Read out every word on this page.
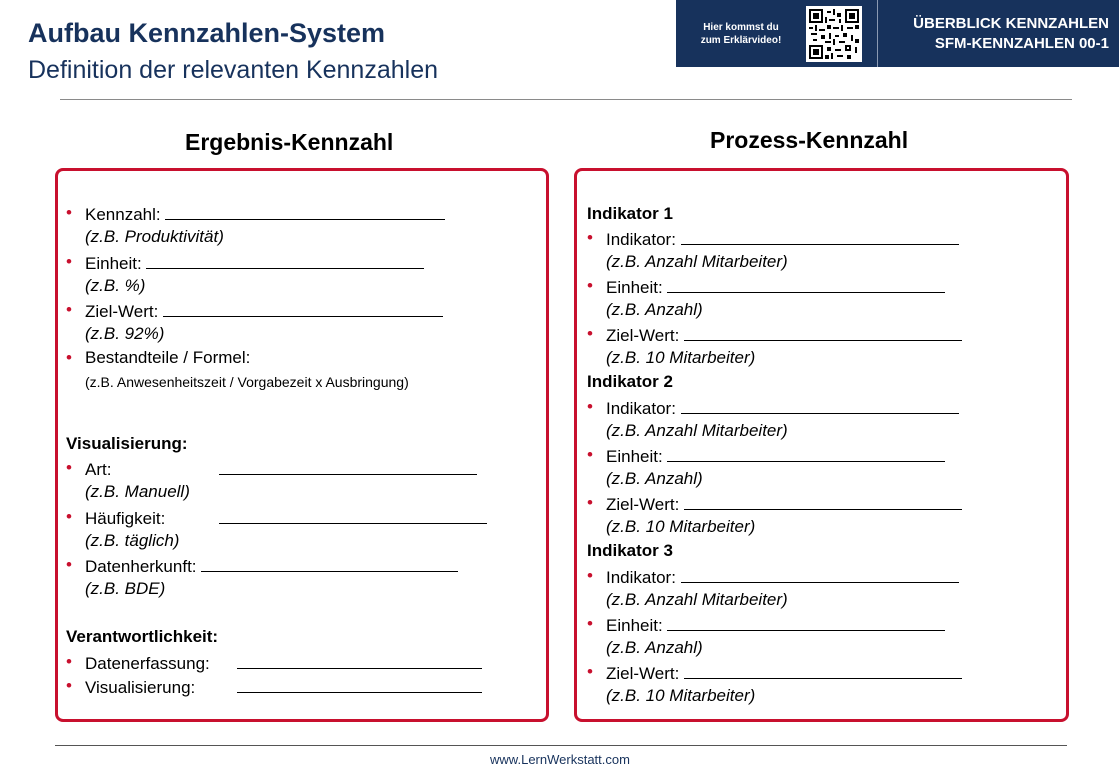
Aufbau Kennzahlen-System
Definition der relevanten Kennzahlen
Hier kommst du
zum Erklärvideo!
ÜBERBLICK KENNZAHLEN
SFM-KENNZAHLEN 00-1
Ergebnis-Kennzahl	Prozess-Kennzahl
• Kennzahl:
(z.B. Produktivität)
• Einheit:
(z.B. %)
• Ziel-Wert:
(z.B. 92%)
• Bestandteile / Formel:
(z.B. Anwesenheitszeit / Vorgabezeit x Ausbringung)
Visualisierung:
• Art:
(z.B. Manuell)
• Häufigkeit:
(z.B. täglich)
• Datenherkunft:
(z.B. BDE)
Verantwortlichkeit:
• Datenerfassung:
• Visualisierung:
Indikator 1
• Indikator:
(z.B. Anzahl Mitarbeiter)
• Einheit:
(z.B. Anzahl)
• Ziel-Wert:
(z.B. 10 Mitarbeiter)
Indikator 2
• Indikator:
(z.B. Anzahl Mitarbeiter)
• Einheit:
(z.B. Anzahl)
• Ziel-Wert:
(z.B. 10 Mitarbeiter)
Indikator 3
• Indikator:
(z.B. Anzahl Mitarbeiter)
• Einheit:
(z.B. Anzahl)
• Ziel-Wert:
(z.B. 10 Mitarbeiter)
www.LernWerkstatt.com
